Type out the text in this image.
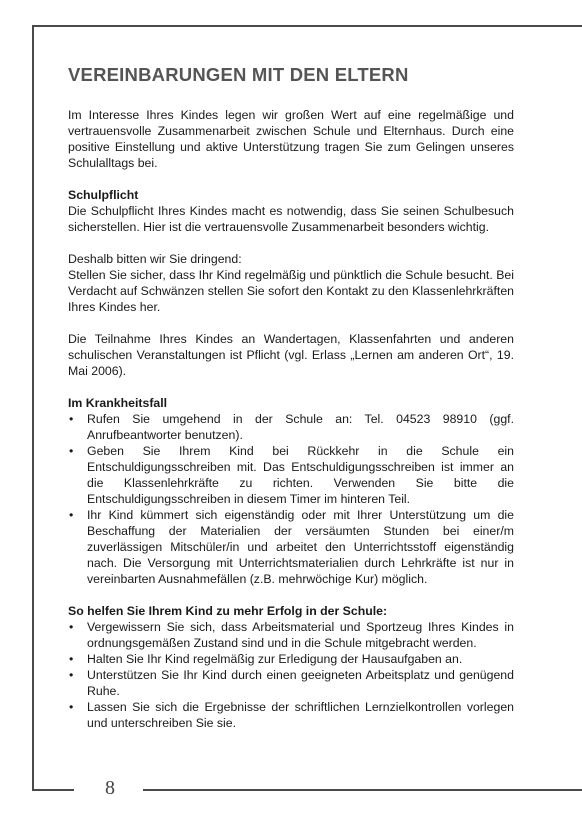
8
VEREINBARUNGEN MIT DEN ELTERN

Im Interesse Ihres Kindes legen wir großen Wert auf eine regelmäßige und vertrauensvolle Zusammenarbeit zwischen Schule und Elternhaus. Durch eine positive Einstellung und aktive Unterstützung tragen Sie zum Gelingen unseres Schulalltags bei.

Schulpflicht

Die Schulpflicht Ihres Kindes macht es notwendig, dass Sie seinen Schulbesuch sicherstellen. Hier ist die vertrauensvolle Zusammenarbeit besonders wichtig.

Deshalb bitten wir Sie dringend:

Stellen Sie sicher, dass Ihr Kind regelmäßig und pünktlich die Schule besucht. Bei Verdacht auf Schwänzen stellen Sie sofort den Kontakt zu den Klassenlehrkräften Ihres Kindes her.

Die Teilnahme Ihres Kindes an Wandertagen, Klassenfahrten und anderen schulischen Veranstaltungen ist Pflicht (vgl. Erlass „Lernen am anderen Ort“, 19. Mai 2006).

Im Krankheitsfall

• Rufen Sie umgehend in der Schule an: Tel. 04523 98910 (ggf. Anrufbeantworter benutzen).
• Geben Sie Ihrem Kind bei Rückkehr in die Schule ein Entschuldigungsschreiben mit. Das Entschuldigungsschreiben ist immer an die Klassenlehrkräfte zu richten. Verwenden Sie bitte die Entschuldigungsschreiben in diesem Timer im hinteren Teil.
• Ihr Kind kümmert sich eigenständig oder mit Ihrer Unterstützung um die Beschaffung der Materialien der versäumten Stunden bei einer/m zuverlässigen Mitschüler/in und arbeitet den Unterrichtsstoff eigenständig nach. Die Versorgung mit Unterrichtsmaterialien durch Lehrkräfte ist nur in vereinbarten Ausnahmefällen (z.B. mehrwöchige Kur) möglich.

So helfen Sie Ihrem Kind zu mehr Erfolg in der Schule:

• Vergewissern Sie sich, dass Arbeitsmaterial und Sportzeug Ihres Kindes in ordnungsgemäßen Zustand sind und in die Schule mitgebracht werden.
• Halten Sie Ihr Kind regelmäßig zur Erledigung der Hausaufgaben an.
• Unterstützen Sie Ihr Kind durch einen geeigneten Arbeitsplatz und genügend Ruhe.
• Lassen Sie sich die Ergebnisse der schriftlichen Lernzielkontrollen vorlegen und unterschreiben Sie sie.
